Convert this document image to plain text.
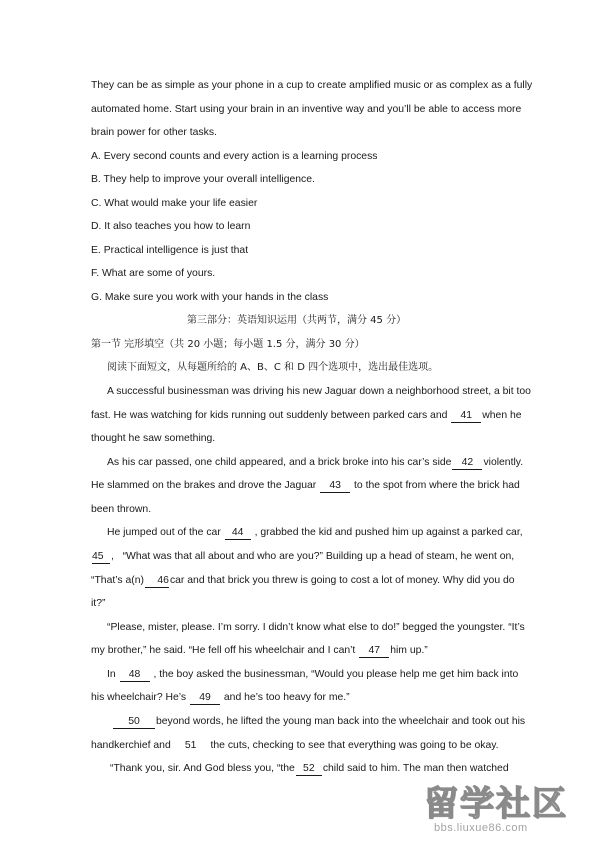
They can be as simple as your phone in a cup to create amplified music or as complex as a fully
automated home. Start using your brain in an inventive way and you’ll be able to access more
brain power for other tasks.
A. Every second counts and every action is a learning process
B. They help to improve your overall intelligence.
C. What would make your life easier
D. It also teaches you how to learn
E. Practical intelligence is just that
F. What are some of yours.
G. Make sure you work with your hands in the class
第三部分：英语知识运用（共两节，满分 45 分）
第一节 完形填空（共 20 小题；每小题 1.5 分，满分 30 分）
阅读下面短文，从每题所给的 A、B、C 和 D 四个选项中，选出最佳选项。
A successful businessman was driving his new Jaguar down a neighborhood street, a bit too
fast. He was watching for kids running out suddenly between parked cars and 41 when he
thought he saw something.
As his car passed, one child appeared, and a brick broke into his car’s side 42 violently.
He slammed on the brakes and drove the Jaguar 43 to the spot from where the brick had
been thrown.
He jumped out of the car 44 , grabbed the kid and pushed him up against a parked car,
45 , “What was that all about and who are you?” Building up a head of steam, he went on,
“That’s a(n) 46car and that brick you threw is going to cost a lot of money. Why did you do
it?”
“Please, mister, please. I’m sorry. I didn’t know what else to do!” begged the youngster. “It’s
my brother,” he said. “He fell off his wheelchair and I can’t 47 him up.”
In 48 , the boy asked the businessman, “Would you please help me get him back into
his wheelchair? He’s 49 and he’s too heavy for me.”
50 beyond words, he lifted the young man back into the wheelchair and took out his
handkerchief and 51 the cuts, checking to see that everything was going to be okay.
“Thank you, sir. And God bless you, “the 52 child said to him. The man then watched
留学社区
bbs.liuxue86.com
